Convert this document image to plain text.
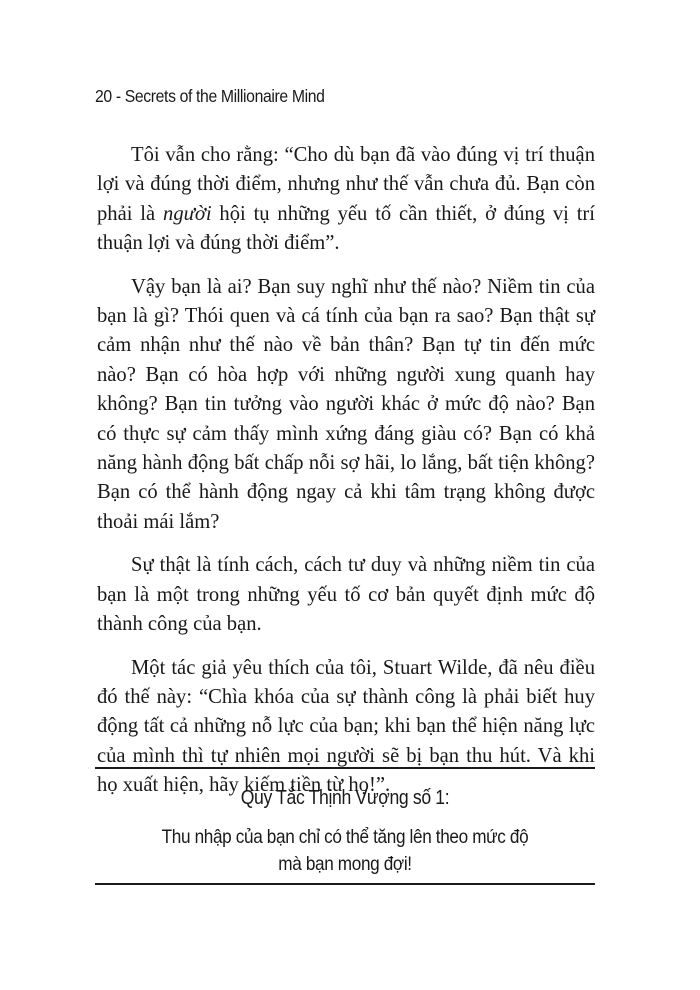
20 - Secrets of the Millionaire Mind

Tôi vẫn cho rằng: “Cho dù bạn đã vào đúng vị trí thuận lợi và đúng thời điểm, nhưng như thế vẫn chưa đủ. Bạn còn phải là người hội tụ những yếu tố cần thiết, ở đúng vị trí thuận lợi và đúng thời điểm”.

Vậy bạn là ai? Bạn suy nghĩ như thế nào? Niềm tin của bạn là gì? Thói quen và cá tính của bạn ra sao? Bạn thật sự cảm nhận như thế nào về bản thân? Bạn tự tin đến mức nào? Bạn có hòa hợp với những người xung quanh hay không? Bạn tin tưởng vào người khác ở mức độ nào? Bạn có thực sự cảm thấy mình xứng đáng giàu có? Bạn có khả năng hành động bất chấp nỗi sợ hãi, lo lắng, bất tiện không? Bạn có thể hành động ngay cả khi tâm trạng không được thoải mái lắm?

Sự thật là tính cách, cách tư duy và những niềm tin của bạn là một trong những yếu tố cơ bản quyết định mức độ thành công của bạn.

Một tác giả yêu thích của tôi, Stuart Wilde, đã nêu điều đó thế này: “Chìa khóa của sự thành công là phải biết huy động tất cả những nỗ lực của bạn; khi bạn thể hiện năng lực của mình thì tự nhiên mọi người sẽ bị bạn thu hút. Và khi họ xuất hiện, hãy kiếm tiền từ họ!”.

Quy Tắc Thịnh Vượng số 1:
Thu nhập của bạn chỉ có thể tăng lên theo mức độ
mà bạn mong đợi!
